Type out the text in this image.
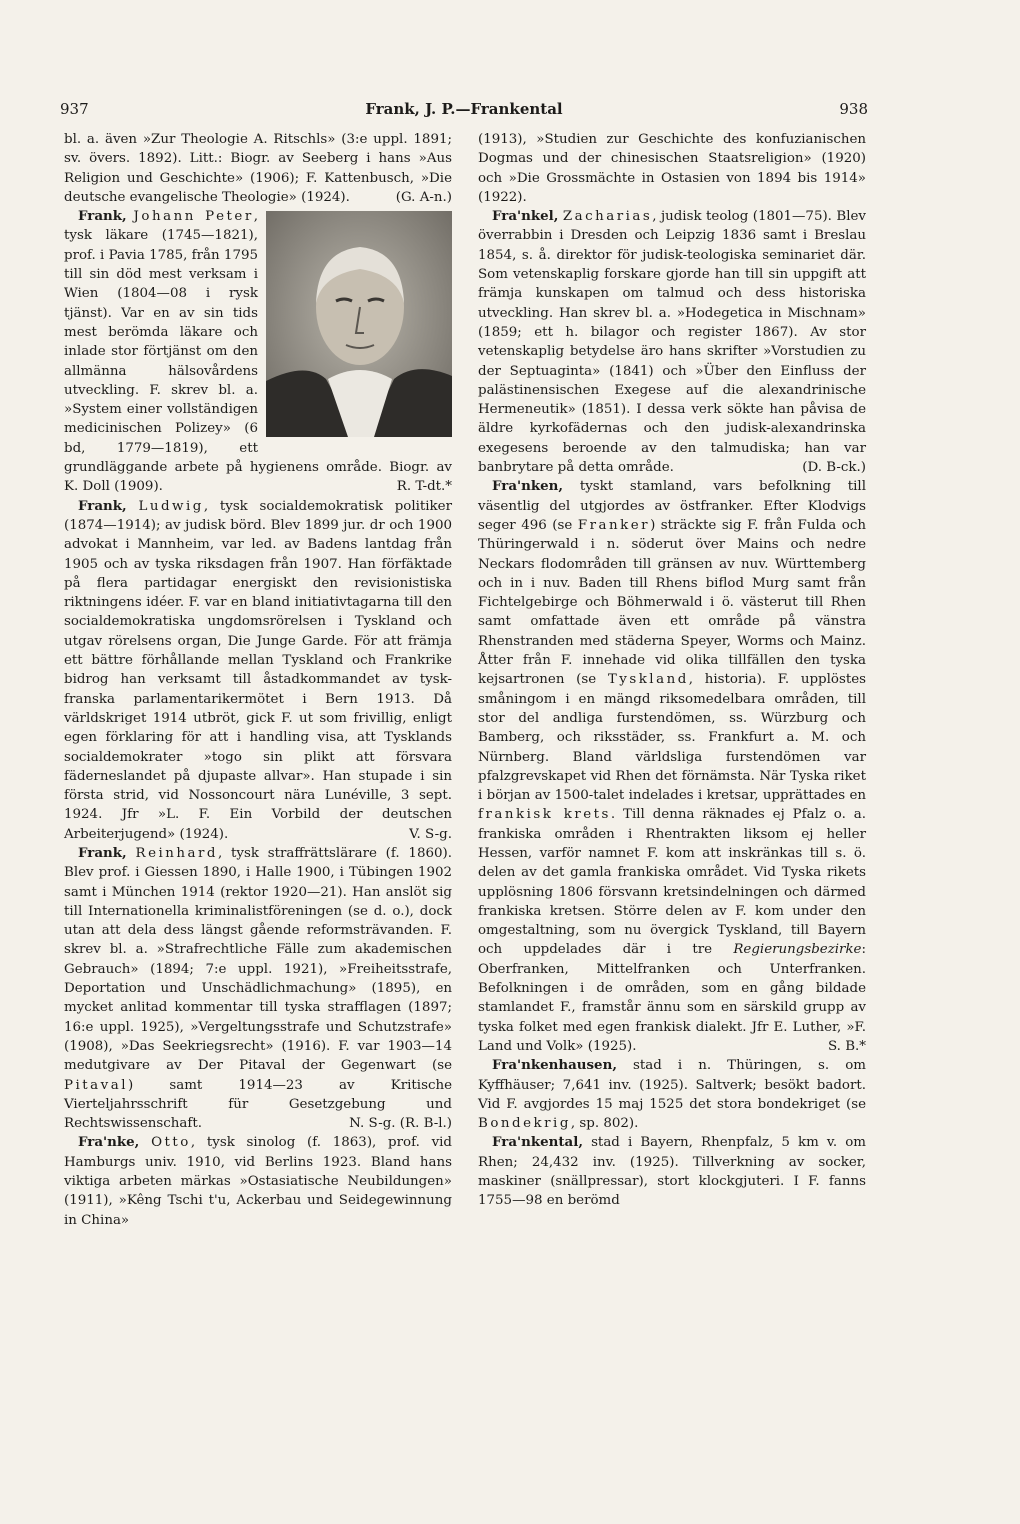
937	Frank, J. P.—Frankental	938

bl. a. även »Zur Theologie A. Ritschls» (3:e uppl. 1891; sv. övers. 1892). Litt.: Biogr. av Seeberg i hans »Aus Religion und Geschichte» (1906); F. Kattenbusch, »Die deutsche evangelische Theologie» (1924).	(G. A-n.)

Frank, Johann Peter, tysk läkare (1745—1821), prof. i Pavia 1785, från 1795 till sin död mest verksam i Wien (1804—08 i rysk tjänst). Var en av sin tids mest berömda läkare och inlade stor förtjänst om den allmänna hälsovårdens utveckling. F. skrev bl. a. »System einer vollständigen medicinischen Polizey» (6 bd, 1779—1819), ett grundläggande arbete på hygienens område. Biogr. av K. Doll (1909).	R. T-dt.*

Frank, Ludwig, tysk socialdemokratisk politiker (1874—1914); av judisk börd. Blev 1899 jur. dr och 1900 advokat i Mannheim, var led. av Badens lantdag från 1905 och av tyska riksdagen från 1907. Han förfäktade på flera partidagar energiskt den revisionistiska riktningens idéer. F. var en bland initiativtagarna till den socialdemokratiska ungdomsrörelsen i Tyskland och utgav rörelsens organ, Die Junge Garde. För att främja ett bättre förhållande mellan Tyskland och Frankrike bidrog han verksamt till åstadkommandet av tysk-franska parlamentarikermötet i Bern 1913. Då världskriget 1914 utbröt, gick F. ut som frivillig, enligt egen förklaring för att i handling visa, att Tysklands socialdemokrater »togo sin plikt att försvara fäderneslandet på djupaste allvar». Han stupade i sin första strid, vid Nossoncourt nära Lunéville, 3 sept. 1924. Jfr »L. F. Ein Vorbild der deutschen Arbeiterjugend» (1924).	V. S-g.

Frank, Reinhard, tysk straffrättslärare (f. 1860). Blev prof. i Giessen 1890, i Halle 1900, i Tübingen 1902 samt i München 1914 (rektor 1920—21). Han anslöt sig till Internationella kriminalistföreningen (se d. o.), dock utan att dela dess längst gående reformsträvanden. F. skrev bl. a. »Strafrechtliche Fälle zum akademischen Gebrauch» (1894; 7:e uppl. 1921), »Freiheitsstrafe, Deportation und Unschädlichmachung» (1895), en mycket anlitad kommentar till tyska strafflagen (1897; 16:e uppl. 1925), »Vergeltungsstrafe und Schutzstrafe» (1908), »Das Seekriegsrecht» (1916). F. var 1903—14 medutgivare av Der Pitaval der Gegenwart (se Pitaval) samt 1914—23 av Kritische Vierteljahrsschrift für Gesetzgebung und Rechtswissenschaft.	N. S-g. (R. B-l.)

Fra'nke, Otto, tysk sinolog (f. 1863), prof. vid Hamburgs univ. 1910, vid Berlins 1923. Bland hans viktiga arbeten märkas »Ostasiatische Neubildungen» (1911), »Kêng Tschi t'u, Ackerbau und Seidegewinnung in China»

(1913), »Studien zur Geschichte des konfuzianischen Dogmas und der chinesischen Staatsreligion» (1920) och »Die Grossmächte in Ostasien von 1894 bis 1914» (1922).

Fra'nkel, Zacharias, judisk teolog (1801—75). Blev överrabbin i Dresden och Leipzig 1836 samt i Breslau 1854, s. å. direktor för judisk-teologiska seminariet där. Som vetenskaplig forskare gjorde han till sin uppgift att främja kunskapen om talmud och dess historiska utveckling. Han skrev bl. a. »Hodegetica in Mischnam» (1859; ett h. bilagor och register 1867). Av stor vetenskaplig betydelse äro hans skrifter »Vorstudien zu der Septuaginta» (1841) och »Über den Einfluss der palästinensischen Exegese auf die alexandrinische Hermeneutik» (1851). I dessa verk sökte han påvisa de äldre kyrkofädernas och den judisk-alexandrinska exegesens beroende av den talmudiska; han var banbrytare på detta område.	(D. B-ck.)

Fra'nken, tyskt stamland, vars befolkning till väsentlig del utgjordes av östfranker. Efter Klodvigs seger 496 (se Franker) sträckte sig F. från Fulda och Thüringerwald i n. söderut över Mains och nedre Neckars flodområden till gränsen av nuv. Württemberg och in i nuv. Baden till Rhens biflod Murg samt från Fichtelgebirge och Böhmerwald i ö. västerut till Rhen samt omfattade även ett område på vänstra Rhenstranden med städerna Speyer, Worms och Mainz. Åtter från F. innehade vid olika tillfällen den tyska kejsartronen (se Tyskland, historia). F. upplöstes småningom i en mängd riksomedelbara områden, till stor del andliga furstendömen, ss. Würzburg och Bamberg, och riksstäder, ss. Frankfurt a. M. och Nürnberg. Bland världsliga furstendömen var pfalzgrevskapet vid Rhen det förnämsta. När Tyska riket i början av 1500-talet indelades i kretsar, upprättades en frankisk krets. Till denna räknades ej Pfalz o. a. frankiska områden i Rhentrakten liksom ej heller Hessen, varför namnet F. kom att inskränkas till s. ö. delen av det gamla frankiska området. Vid Tyska rikets upplösning 1806 försvann kretsindelningen och därmed frankiska kretsen. Större delen av F. kom under den omgestaltning, som nu övergick Tyskland, till Bayern och uppdelades där i tre Regierungsbezirke: Oberfranken, Mittelfranken och Unterfranken. Befolkningen i de områden, som en gång bildade stamlandet F., framstår ännu som en särskild grupp av tyska folket med egen frankisk dialekt. Jfr E. Luther, »F. Land und Volk» (1925).	S. B.*

Fra'nkenhausen, stad i n. Thüringen, s. om Kyffhäuser; 7,641 inv. (1925). Saltverk; besökt badort. Vid F. avgjordes 15 maj 1525 det stora bondekriget (se Bondekrig, sp. 802).

Fra'nkental, stad i Bayern, Rhenpfalz, 5 km v. om Rhen; 24,432 inv. (1925). Tillverkning av socker, maskiner (snällpressar), stort klockgjuteri. I F. fanns 1755—98 en berömd
